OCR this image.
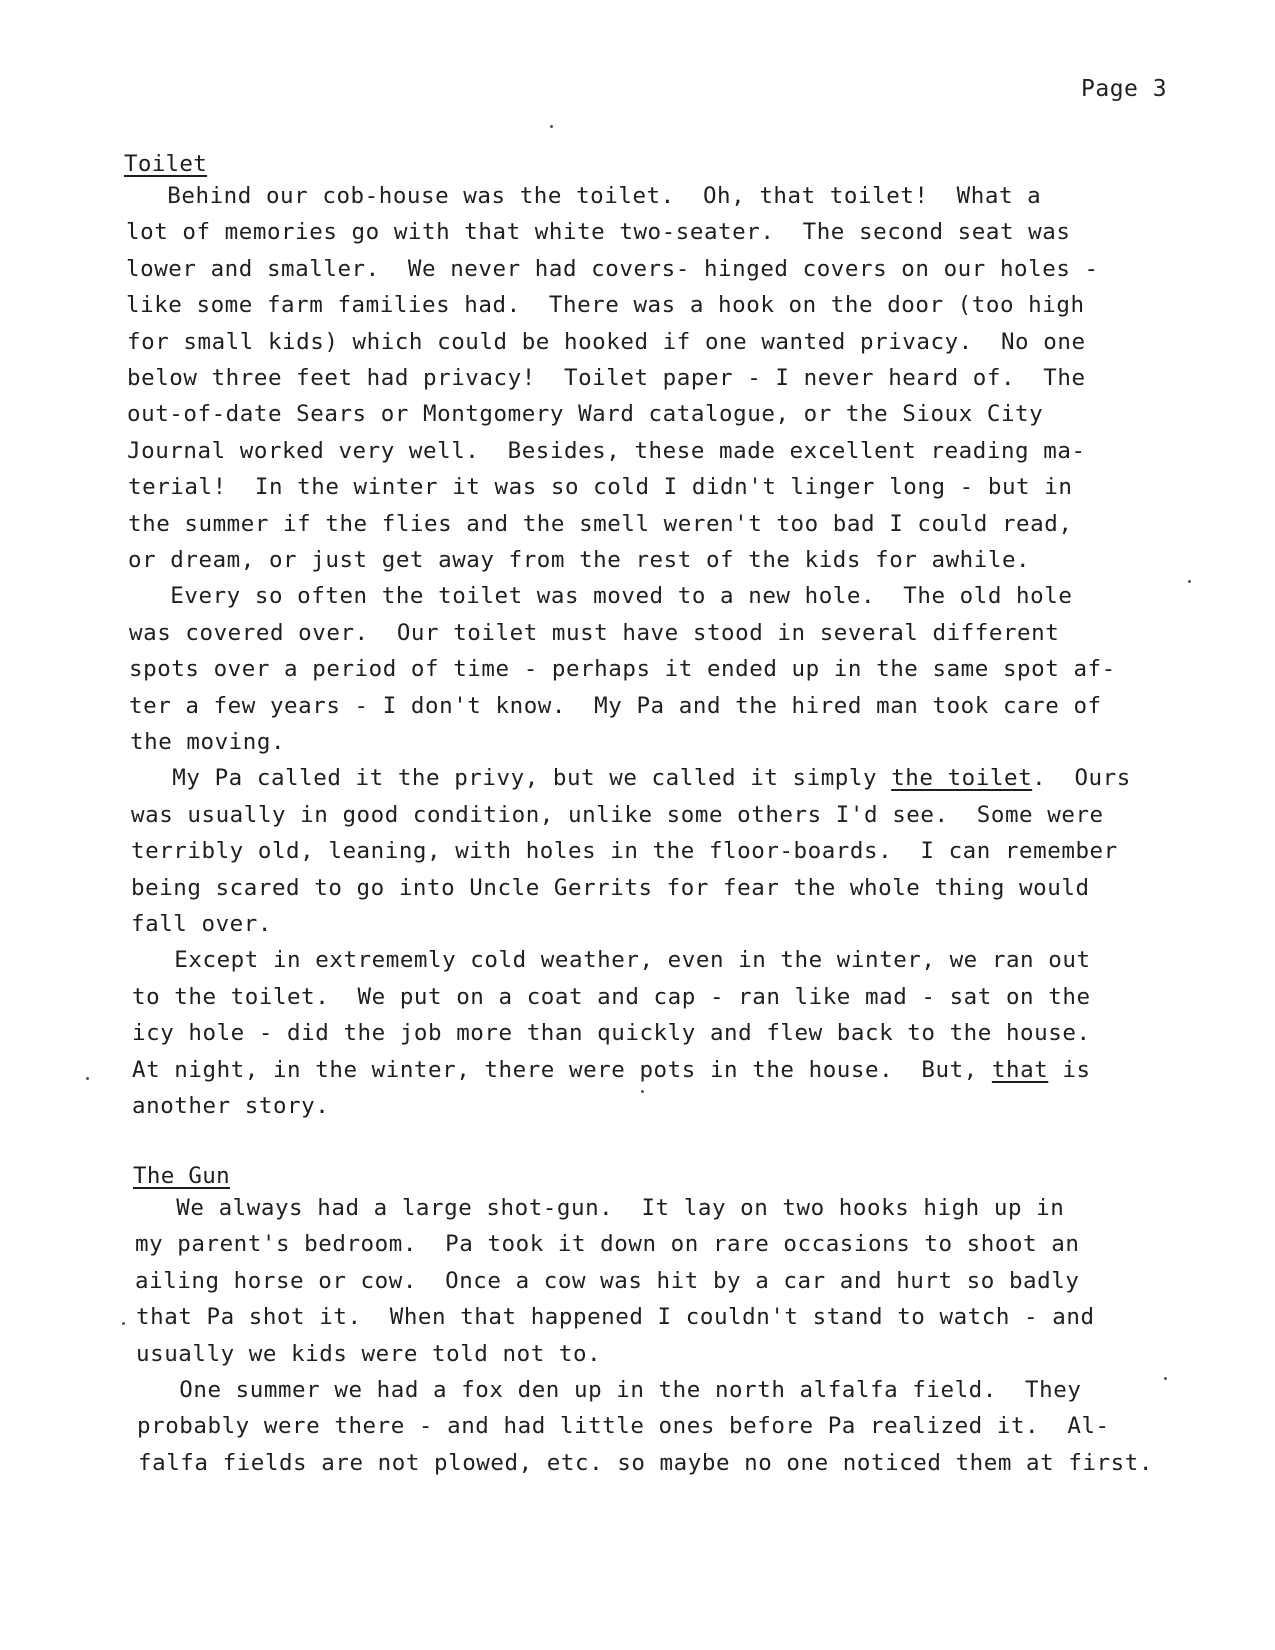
Page 3
Toilet
Behind our cob-house was the toilet.  Oh, that toilet!  What a
lot of memories go with that white two-seater.  The second seat was
lower and smaller.  We never had covers- hinged covers on our holes -
like some farm families had.  There was a hook on the door (too high
for small kids) which could be hooked if one wanted privacy.  No one
below three feet had privacy!  Toilet paper - I never heard of.  The
out-of-date Sears or Montgomery Ward catalogue, or the Sioux City
Journal worked very well.  Besides, these made excellent reading ma-
terial!  In the winter it was so cold I didn't linger long - but in
the summer if the flies and the smell weren't too bad I could read,
or dream, or just get away from the rest of the kids for awhile.
Every so often the toilet was moved to a new hole.  The old hole
was covered over.  Our toilet must have stood in several different
spots over a period of time - perhaps it ended up in the same spot af-
ter a few years - I don't know.  My Pa and the hired man took care of
the moving.
My Pa called it the privy, but we called it simply the toilet.  Ours
was usually in good condition, unlike some others I'd see.  Some were
terribly old, leaning, with holes in the floor-boards.  I can remember
being scared to go into Uncle Gerrits for fear the whole thing would
fall over.
Except in extrememly cold weather, even in the winter, we ran out
to the toilet.  We put on a coat and cap - ran like mad - sat on the
icy hole - did the job more than quickly and flew back to the house.
At night, in the winter, there were pots in the house.  But, that is
another story.
The Gun
We always had a large shot-gun.  It lay on two hooks high up in
my parent's bedroom.  Pa took it down on rare occasions to shoot an
ailing horse or cow.  Once a cow was hit by a car and hurt so badly
that Pa shot it.  When that happened I couldn't stand to watch - and
usually we kids were told not to.
One summer we had a fox den up in the north alfalfa field.  They
probably were there - and had little ones before Pa realized it.  Al-
falfa fields are not plowed, etc. so maybe no one noticed them at first.
